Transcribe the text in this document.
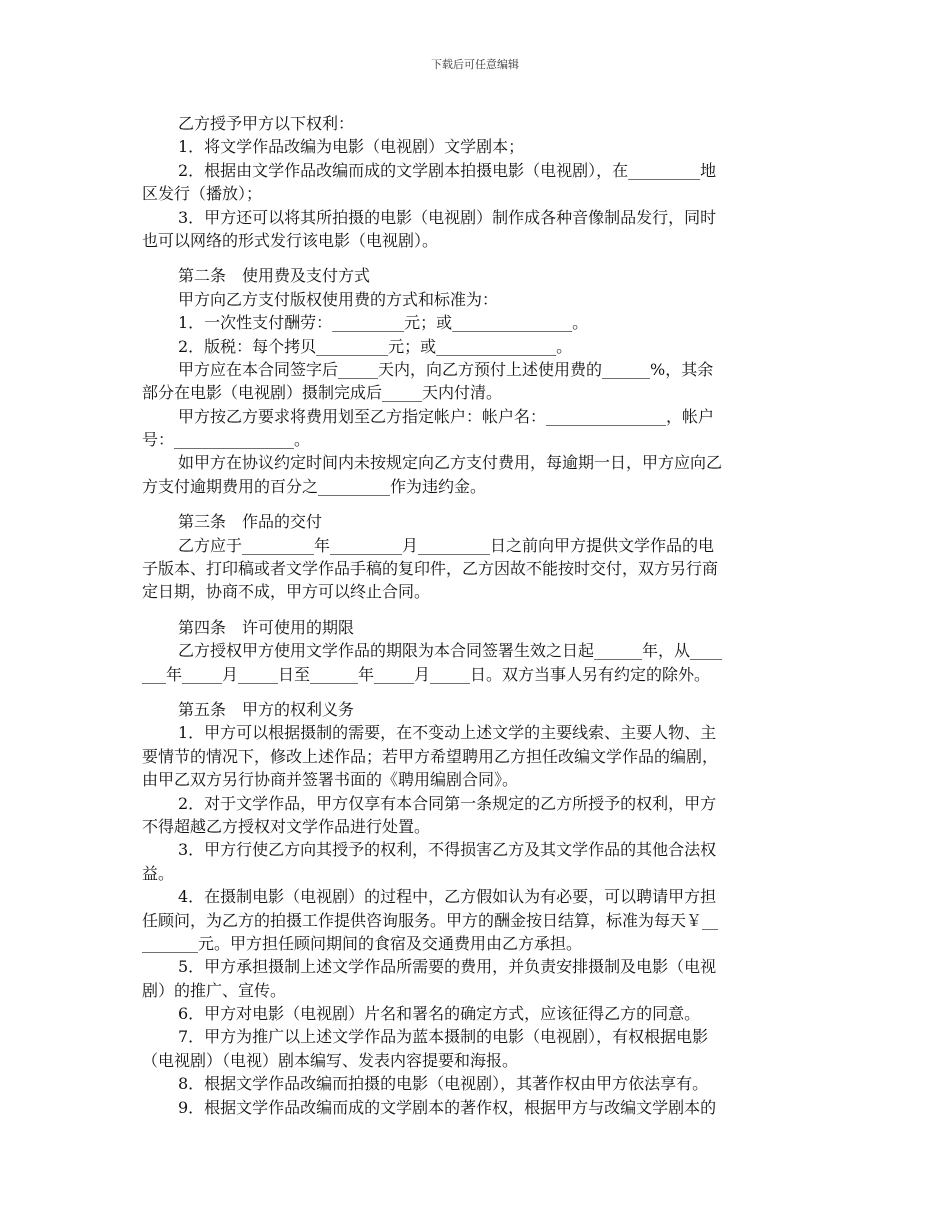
下载后可任意编辑
乙方授予甲方以下权利：
1．将文学作品改编为电影（电视剧）文学剧本；
2．根据由文学作品改编而成的文学剧本拍摄电影（电视剧），在_________地
区发行（播放）；
3．甲方还可以将其所拍摄的电影（电视剧）制作成各种音像制品发行，同时
也可以网络的形式发行该电影（电视剧）。
第二条　使用费及支付方式
甲方向乙方支付版权使用费的方式和标准为：
1．一次性支付酬劳：_________元；或_______________。
2．版税：每个拷贝_________元；或_______________。
甲方应在本合同签字后_____天内，向乙方预付上述使用费的______%，其余
部分在电影（电视剧）摄制完成后_____天内付清。
甲方按乙方要求将费用划至乙方指定帐户：帐户名：_______________，帐户
号：_______________。
如甲方在协议约定时间内未按规定向乙方支付费用，每逾期一日，甲方应向乙
方支付逾期费用的百分之_________作为违约金。
第三条　作品的交付
乙方应于_________年_________月_________日之前向甲方提供文学作品的电
子版本、打印稿或者文学作品手稿的复印件，乙方因故不能按时交付，双方另行商
定日期，协商不成，甲方可以终止合同。
第四条　许可使用的期限
乙方授权甲方使用文学作品的期限为本合同签署生效之日起______年，从____
___年_____月_____日至______年_____月_____日。双方当事人另有约定的除外。
第五条　甲方的权利义务
1．甲方可以根据摄制的需要，在不变动上述文学的主要线索、主要人物、主
要情节的情况下，修改上述作品；若甲方希望聘用乙方担任改编文学作品的编剧，
由甲乙双方另行协商并签署书面的《聘用编剧合同》。
2．对于文学作品，甲方仅享有本合同第一条规定的乙方所授予的权利，甲方
不得超越乙方授权对文学作品进行处置。
3．甲方行使乙方向其授予的权利，不得损害乙方及其文学作品的其他合法权
益。
4．在摄制电影（电视剧）的过程中，乙方假如认为有必要，可以聘请甲方担
任顾问，为乙方的拍摄工作提供咨询服务。甲方的酬金按日结算，标准为每天￥__
_______元。甲方担任顾问期间的食宿及交通费用由乙方承担。
5．甲方承担摄制上述文学作品所需要的费用，并负责安排摄制及电影（电视
剧）的推广、宣传。
6．甲方对电影（电视剧）片名和署名的确定方式，应该征得乙方的同意。
7．甲方为推广以上述文学作品为蓝本摄制的电影（电视剧），有权根据电影
（电视剧）（电视）剧本编写、发表内容提要和海报。
8．根据文学作品改编而拍摄的电影（电视剧），其著作权由甲方依法享有。
9．根据文学作品改编而成的文学剧本的著作权，根据甲方与改编文学剧本的
